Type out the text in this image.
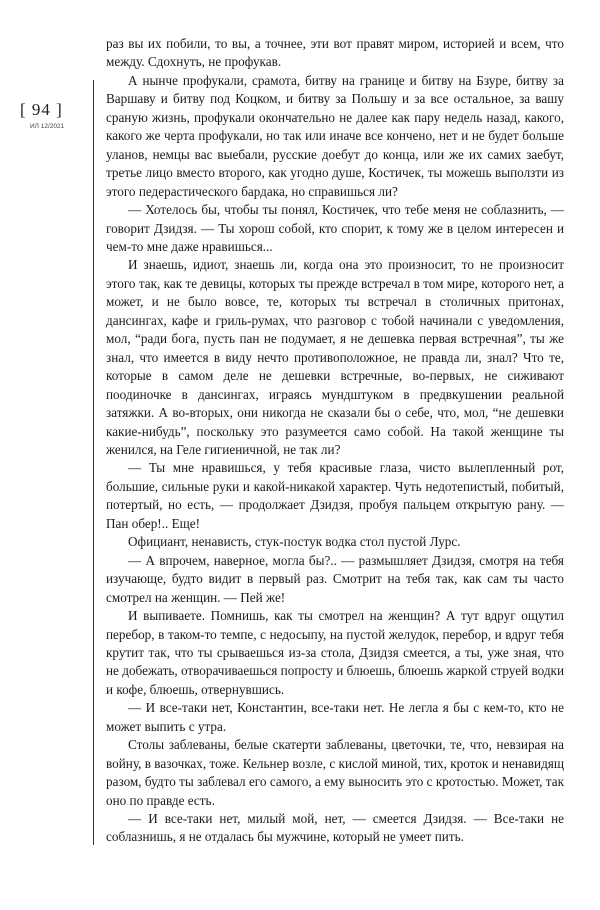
[ 94 ]
ИЛ 12/2021

раз вы их побили, то вы, а точнее, эти вот правят миром, историей и всем, что между. Сдохнуть, не профукав.

А нынче профукали, срамота, битву на границе и битву на Бзуре, битву за Варшаву и битву под Коцком, и битву за Польшу и за все остальное, за вашу сраную жизнь, профукали окончательно не далее как пару недель назад, какого, какого же черта профукали, но так или иначе все кончено, нет и не будет больше уланов, немцы вас выебали, русские доебут до конца, или же их самих заебут, третье лицо вместо второго, как угодно душе, Костичек, ты можешь выползти из этого педерастического бардака, но справишься ли?

— Хотелось бы, чтобы ты понял, Костичек, что тебе меня не соблазнить, — говорит Дзидзя. — Ты хорош собой, кто спорит, к тому же в целом интересен и чем-то мне даже нравишься...

И знаешь, идиот, знаешь ли, когда она это произносит, то не произносит этого так, как те девицы, которых ты прежде встречал в том мире, которого нет, а может, и не было вовсе, те, которых ты встречал в столичных притонах, дансингах, кафе и гриль-румах, что разговор с тобой начинали с уведомления, мол, “ради бога, пусть пан не подумает, я не дешевка первая встречная”, ты же знал, что имеется в виду нечто противоположное, не правда ли, знал? Что те, которые в самом деле не дешевки встречные, во-первых, не сиживают поодиночке в дансингах, играясь мундштуком в предвкушении реальной затяжки. А во-вторых, они никогда не сказали бы о себе, что, мол, “не дешевки какие-нибудь”, поскольку это разумеется само собой. На такой женщине ты женился, на Геле гигиеничной, не так ли?

— Ты мне нравишься, у тебя красивые глаза, чисто вылепленный рот, большие, сильные руки и какой-никакой характер. Чуть недотепистый, побитый, потертый, но есть, — продолжает Дзидзя, пробуя пальцем открытую рану. — Пан обер!.. Еще!

Официант, ненависть, стук-постук водка стол пустой Лурс.

— А впрочем, наверное, могла бы?.. — размышляет Дзидзя, смотря на тебя изучающе, будто видит в первый раз. Смотрит на тебя так, как сам ты часто смотрел на женщин. — Пей же!

И выпиваете. Помнишь, как ты смотрел на женщин? А тут вдруг ощутил перебор, в таком-то темпе, с недосыпу, на пустой желудок, перебор, и вдруг тебя крутит так, что ты срываешься из-за стола, Дзидзя смеется, а ты, уже зная, что не добежать, отворачиваешься попросту и блюешь, блюешь жаркой струей водки и кофе, блюешь, отвернувшись.

— И все-таки нет, Константин, все-таки нет. Не легла я бы с кем-то, кто не может выпить с утра.

Столы заблеваны, белые скатерти заблеваны, цветочки, те, что, невзирая на войну, в вазочках, тоже. Кельнер возле, с кислой миной, тих, кроток и ненавидящ разом, будто ты заблевал его самого, а ему выносить это с кротостью. Может, так оно по правде есть.

— И все-таки нет, милый мой, нет, — смеется Дзидзя. — Все-таки не соблазнишь, я не отдалась бы мужчине, который не умеет пить.
